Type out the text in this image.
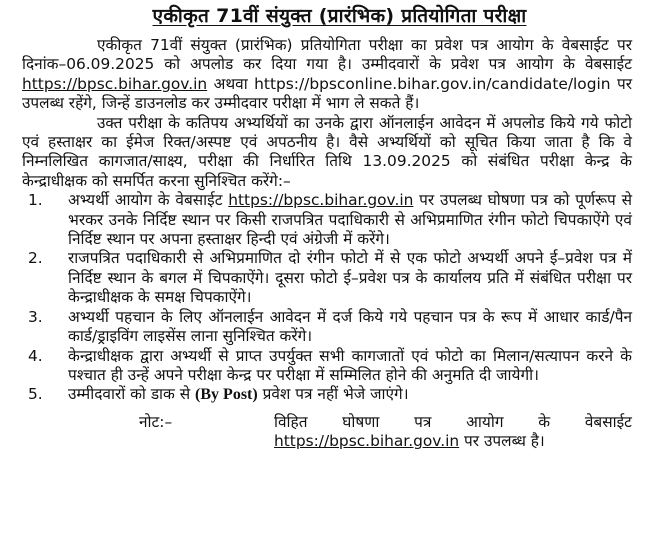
एकीकृत 71वीं संयुक्त (प्रारंभिक) प्रतियोगिता परीक्षा

एकीकृत 71वीं संयुक्त (प्रारंभिक) प्रतियोगिता परीक्षा का प्रवेश पत्र आयोग के वेबसाईट पर दिनांक–06.09.2025 को अपलोड कर दिया गया है। उम्मीदवारों के प्रवेश पत्र आयोग के वेबसाईट https://bpsc.bihar.gov.in अथवा https://bpsconline.bihar.gov.in/candidate/login पर उपलब्ध रहेंगे, जिन्हें डाउनलोड कर उम्मीदवार परीक्षा में भाग ले सकते हैं।

उक्त परीक्षा के कतिपय अभ्यर्थियों का उनके द्वारा ऑनलाईन आवेदन में अपलोड किये गये फोटो एवं हस्ताक्षर का ईमेज रिक्त/अस्पष्ट एवं अपठनीय है। वैसे अभ्यर्थियों को सूचित किया जाता है कि वे निम्नलिखित कागजात/साक्ष्य, परीक्षा की निर्धारित तिथि 13.09.2025 को संबंधित परीक्षा केन्द्र के केन्द्राधीक्षक को समर्पित करना सुनिश्चित करेंगे:–

1.	अभ्यर्थी आयोग के वेबसाईट https://bpsc.bihar.gov.in पर उपलब्ध घोषणा पत्र को पूर्णरूप से भरकर उनके निर्दिष्ट स्थान पर किसी राजपत्रित पदाधिकारी से अभिप्रमाणित रंगीन फोटो चिपकाऐंगे एवं निर्दिष्ट स्थान पर अपना हस्ताक्षर हिन्दी एवं अंग्रेजी में करेंगे।
2.	राजपत्रित पदाधिकारी से अभिप्रमाणित दो रंगीन फोटो में से एक फोटो अभ्यर्थी अपने ई–प्रवेश पत्र में निर्दिष्ट स्थान के बगल में चिपकाऐंगे। दूसरा फोटो ई–प्रवेश पत्र के कार्यालय प्रति में संबंधित परीक्षा पर केन्द्राधीक्षक के समक्ष चिपकाऐंगे।
3.	अभ्यर्थी पहचान के लिए ऑनलाईन आवेदन में दर्ज किये गये पहचान पत्र के रूप में आधार कार्ड/पैन कार्ड/ड्राइविंग लाइसेंस लाना सुनिश्चित करेंगे।
4.	केन्द्राधीक्षक द्वारा अभ्यर्थी से प्राप्त उपर्युक्त सभी कागजातों एवं फोटो का मिलान/सत्यापन करने के पश्चात ही उन्हें अपने परीक्षा केन्द्र पर परीक्षा में सम्मिलित होने की अनुमति दी जायेगी।
5.	उम्मीदवारों को डाक से (By Post) प्रवेश पत्र नहीं भेजे जाएंगे।
नोट:–	विहित घोषणा पत्र आयोग के वेबसाईट
https://bpsc.bihar.gov.in पर उपलब्ध है।
